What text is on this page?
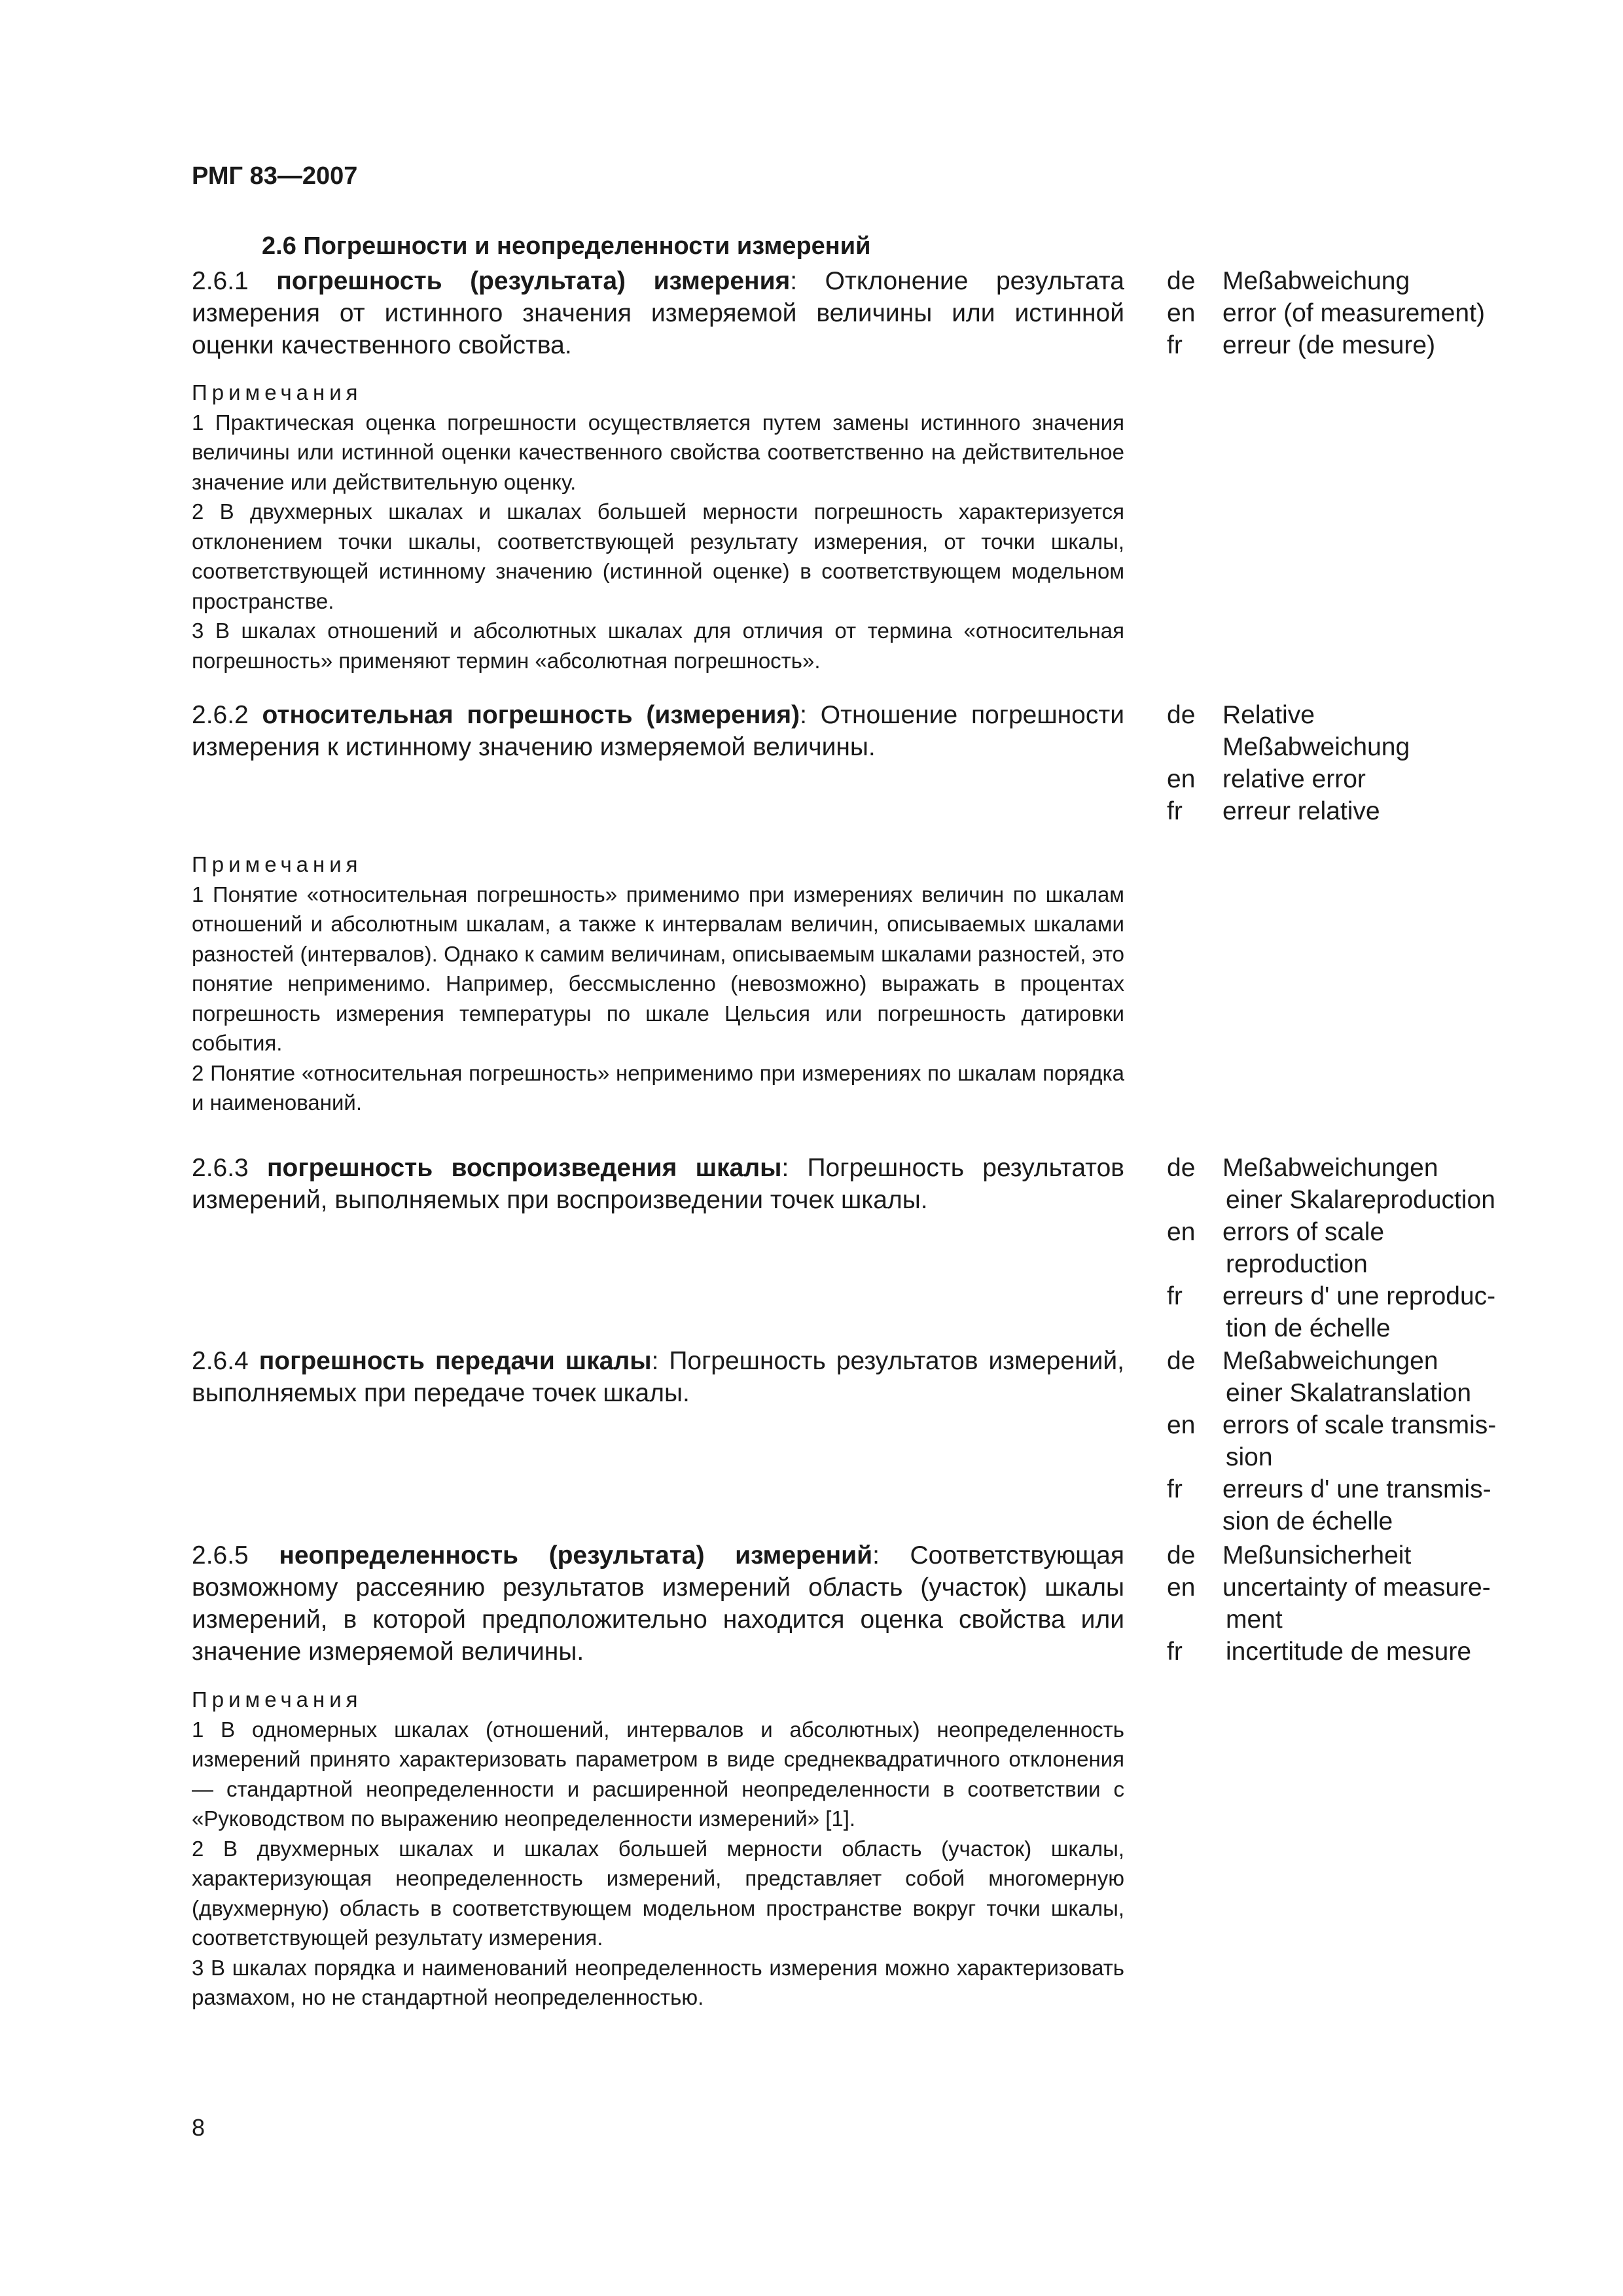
РМГ 83—2007
2.6 Погрешности и неопределенности измерений
2.6.1 погрешность (результата) измерения: Отклонение результата измерения от истинного значения измеряемой величины или истинной оценки качественного свойства.
de	Meßabweichung
en	error (of measurement)
fr	erreur (de mesure)

Примечания

1 Практическая оценка погрешности осуществляется путем замены истинного значения величины или истинной оценки качественного свойства соответственно на действительное значение или действительную оценку.

2 В двухмерных шкалах и шкалах большей мерности погрешность характеризуется отклонением точки шкалы, соответствующей результату измерения, от точки шкалы, соответствующей истинному значению (истинной оценке) в соответствующем модельном пространстве.

3 В шкалах отношений и абсолютных шкалах для отличия от термина «относительная погрешность» применяют термин «абсолютная погрешность».

2.6.2 относительная погрешность (измерения): Отношение погрешности измерения к истинному значению измеряемой величины.
de	Relative
Meßabweichung
en	relative error
fr	erreur relative

Примечания

1 Понятие «относительная погрешность» применимо при измерениях величин по шкалам отношений и абсолютным шкалам, а также к интервалам величин, описываемых шкалами разностей (интервалов). Однако к самим величинам, описываемым шкалами разностей, это понятие неприменимо. Например, бессмысленно (невозможно) выражать в процентах погрешность измерения температуры по шкале Цельсия или погрешность датировки события.

2 Понятие «относительная погрешность» неприменимо при измерениях по шкалам порядка и наименований.

2.6.3 погрешность воспроизведения шкалы: Погрешность результатов измерений, выполняемых при воспроизведении точек шкалы.
de	Meßabweichungen
einer Skalareproduction
en	errors of scale
reproduction
fr	erreurs d' une reproduc-
tion de échelle
2.6.4 погрешность передачи шкалы: Погрешность результатов измерений, выполняемых при передаче точек шкалы.
de	Meßabweichungen
einer Skalatranslation
en	errors of scale transmis-
sion
fr	erreurs d' une transmis-
sion de échelle
2.6.5 неопределенность (результата) измерений: Соответствующая возможному рассеянию результатов измерений область (участок) шкалы измерений, в которой предположительно находится оценка свойства или значение измеряемой величины.
de	Meßunsicherheit
en	uncertainty of measure-
ment
fr	incertitude de mesure

Примечания

1 В одномерных шкалах (отношений, интервалов и абсолютных) неопределенность измерений принято характеризовать параметром в виде среднеквадратичного отклонения — стандартной неопределенности и расширенной неопределенности в соответствии с «Руководством по выражению неопределенности измерений» [1].

2 В двухмерных шкалах и шкалах большей мерности область (участок) шкалы, характеризующая неопределенность измерений, представляет собой многомерную (двухмерную) область в соответствующем модельном пространстве вокруг точки шкалы, соответствующей результату измерения.

3 В шкалах порядка и наименований неопределенность измерения можно характеризовать размахом, но не стандартной неопределенностью.

8
